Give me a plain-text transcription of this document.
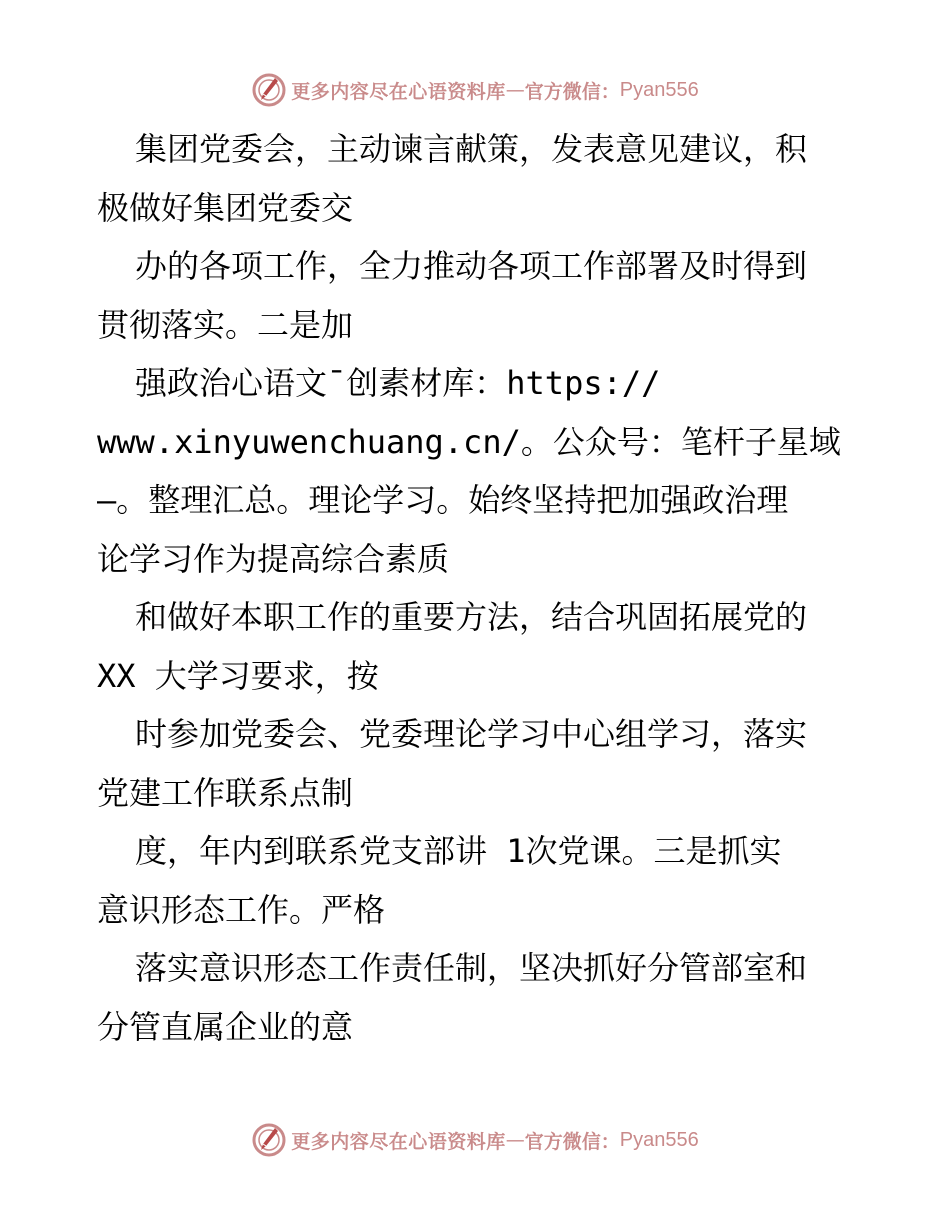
更多内容尽在心语资料库 — 官方微信： Pyan556
集团党委会，主动谏言献策，发表意见建议，积
极做好集团党委交
办的各项工作，全力推动各项工作部署及时得到
贯彻落实。二是加
强政治心语文¯创素材库：https://
www.xinyuwenchuang.cn/。公众号：笔杆子星域
—。整理汇总。理论学习。始终坚持把加强政治理
论学习作为提高综合素质
和做好本职工作的重要方法，结合巩固拓展党的
XX 大学习要求，按
时参加党委会、党委理论学习中心组学习，落实
党建工作联系点制
度，年内到联系党支部讲 1次党课。三是抓实
意识形态工作。严格
落实意识形态工作责任制，坚决抓好分管部室和
分管直属企业的意
更多内容尽在心语资料库 — 官方微信： Pyan556
